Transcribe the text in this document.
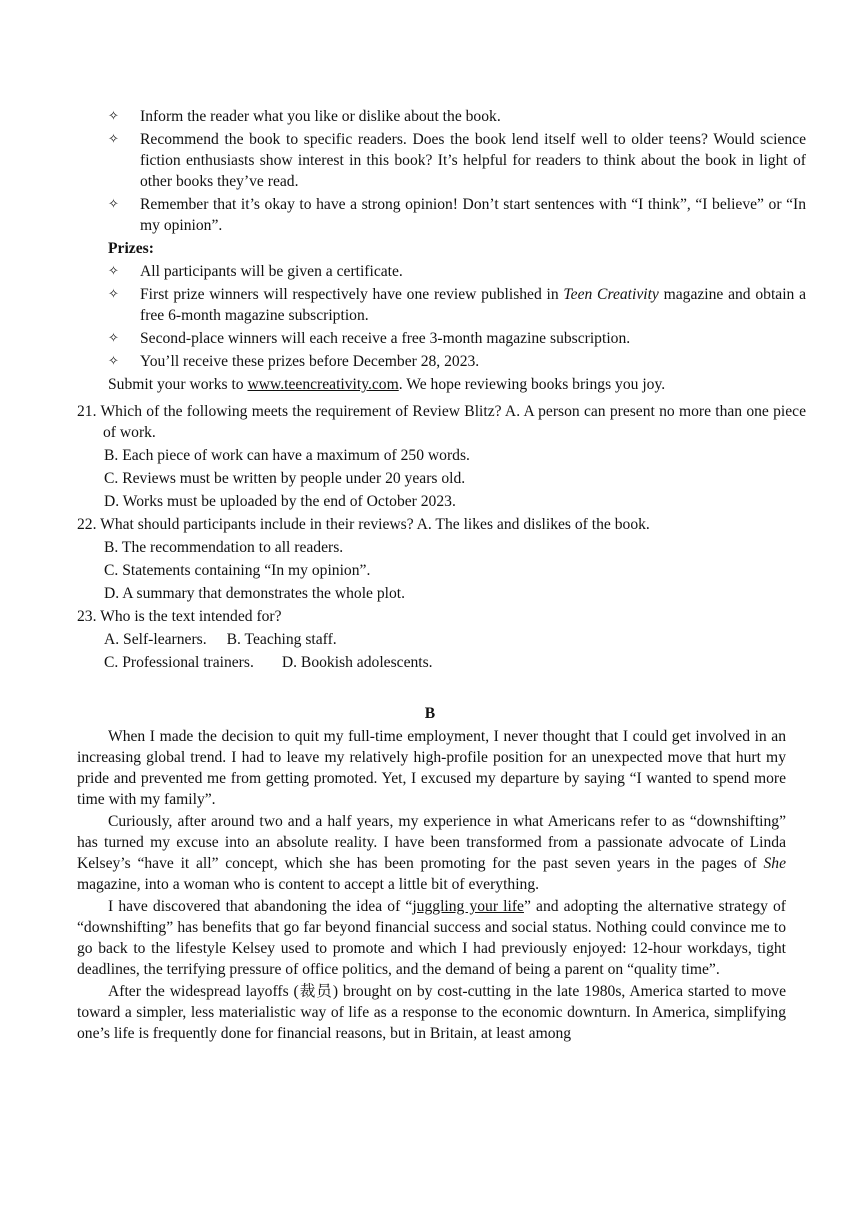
✧	Inform the reader what you like or dislike about the book.
✧	Recommend the book to specific readers. Does the book lend itself well to older teens? Would science fiction enthusiasts show interest in this book? It’s helpful for readers to think about the book in light of other books they’ve read.
✧	Remember that it’s okay to have a strong opinion! Don’t start sentences with “I think”, “I believe” or “In my opinion”.
Prizes:
✧	All participants will be given a certificate.
✧	First prize winners will respectively have one review published in Teen Creativity magazine and obtain a free 6-month magazine subscription.
✧	Second-place winners will each receive a free 3-month magazine subscription.
✧	You’ll receive these prizes before December 28, 2023.
Submit your works to www.teencreativity.com. We hope reviewing books brings you joy.
21. Which of the following meets the requirement of Review Blitz? A. A person can present no more than one piece of work.
B. Each piece of work can have a maximum of 250 words.
C. Reviews must be written by people under 20 years old.
D. Works must be uploaded by the end of October 2023.
22. What should participants include in their reviews? A. The likes and dislikes of the book.
B. The recommendation to all readers.
C. Statements containing “In my opinion”.
D. A summary that demonstrates the whole plot.
23. Who is the text intended for?
A. Self-learners. B. Teaching staff.
C. Professional trainers. D. Bookish adolescents.
B

When I made the decision to quit my full-time employment, I never thought that I could get involved in an increasing global trend. I had to leave my relatively high-profile position for an unexpected move that hurt my pride and prevented me from getting promoted. Yet, I excused my departure by saying “I wanted to spend more time with my family”.

Curiously, after around two and a half years, my experience in what Americans refer to as “downshifting” has turned my excuse into an absolute reality. I have been transformed from a passionate advocate of Linda Kelsey’s “have it all” concept, which she has been promoting for the past seven years in the pages of She magazine, into a woman who is content to accept a little bit of everything.

I have discovered that abandoning the idea of “juggling your life” and adopting the alternative strategy of “downshifting” has benefits that go far beyond financial success and social status. Nothing could convince me to go back to the lifestyle Kelsey used to promote and which I had previously enjoyed: 12-hour workdays, tight deadlines, the terrifying pressure of office politics, and the demand of being a parent on “quality time”.

After the widespread layoffs (裁员) brought on by cost-cutting in the late 1980s, America started to move toward a simpler, less materialistic way of life as a response to the economic downturn. In America, simplifying one’s life is frequently done for financial reasons, but in Britain, at least among
